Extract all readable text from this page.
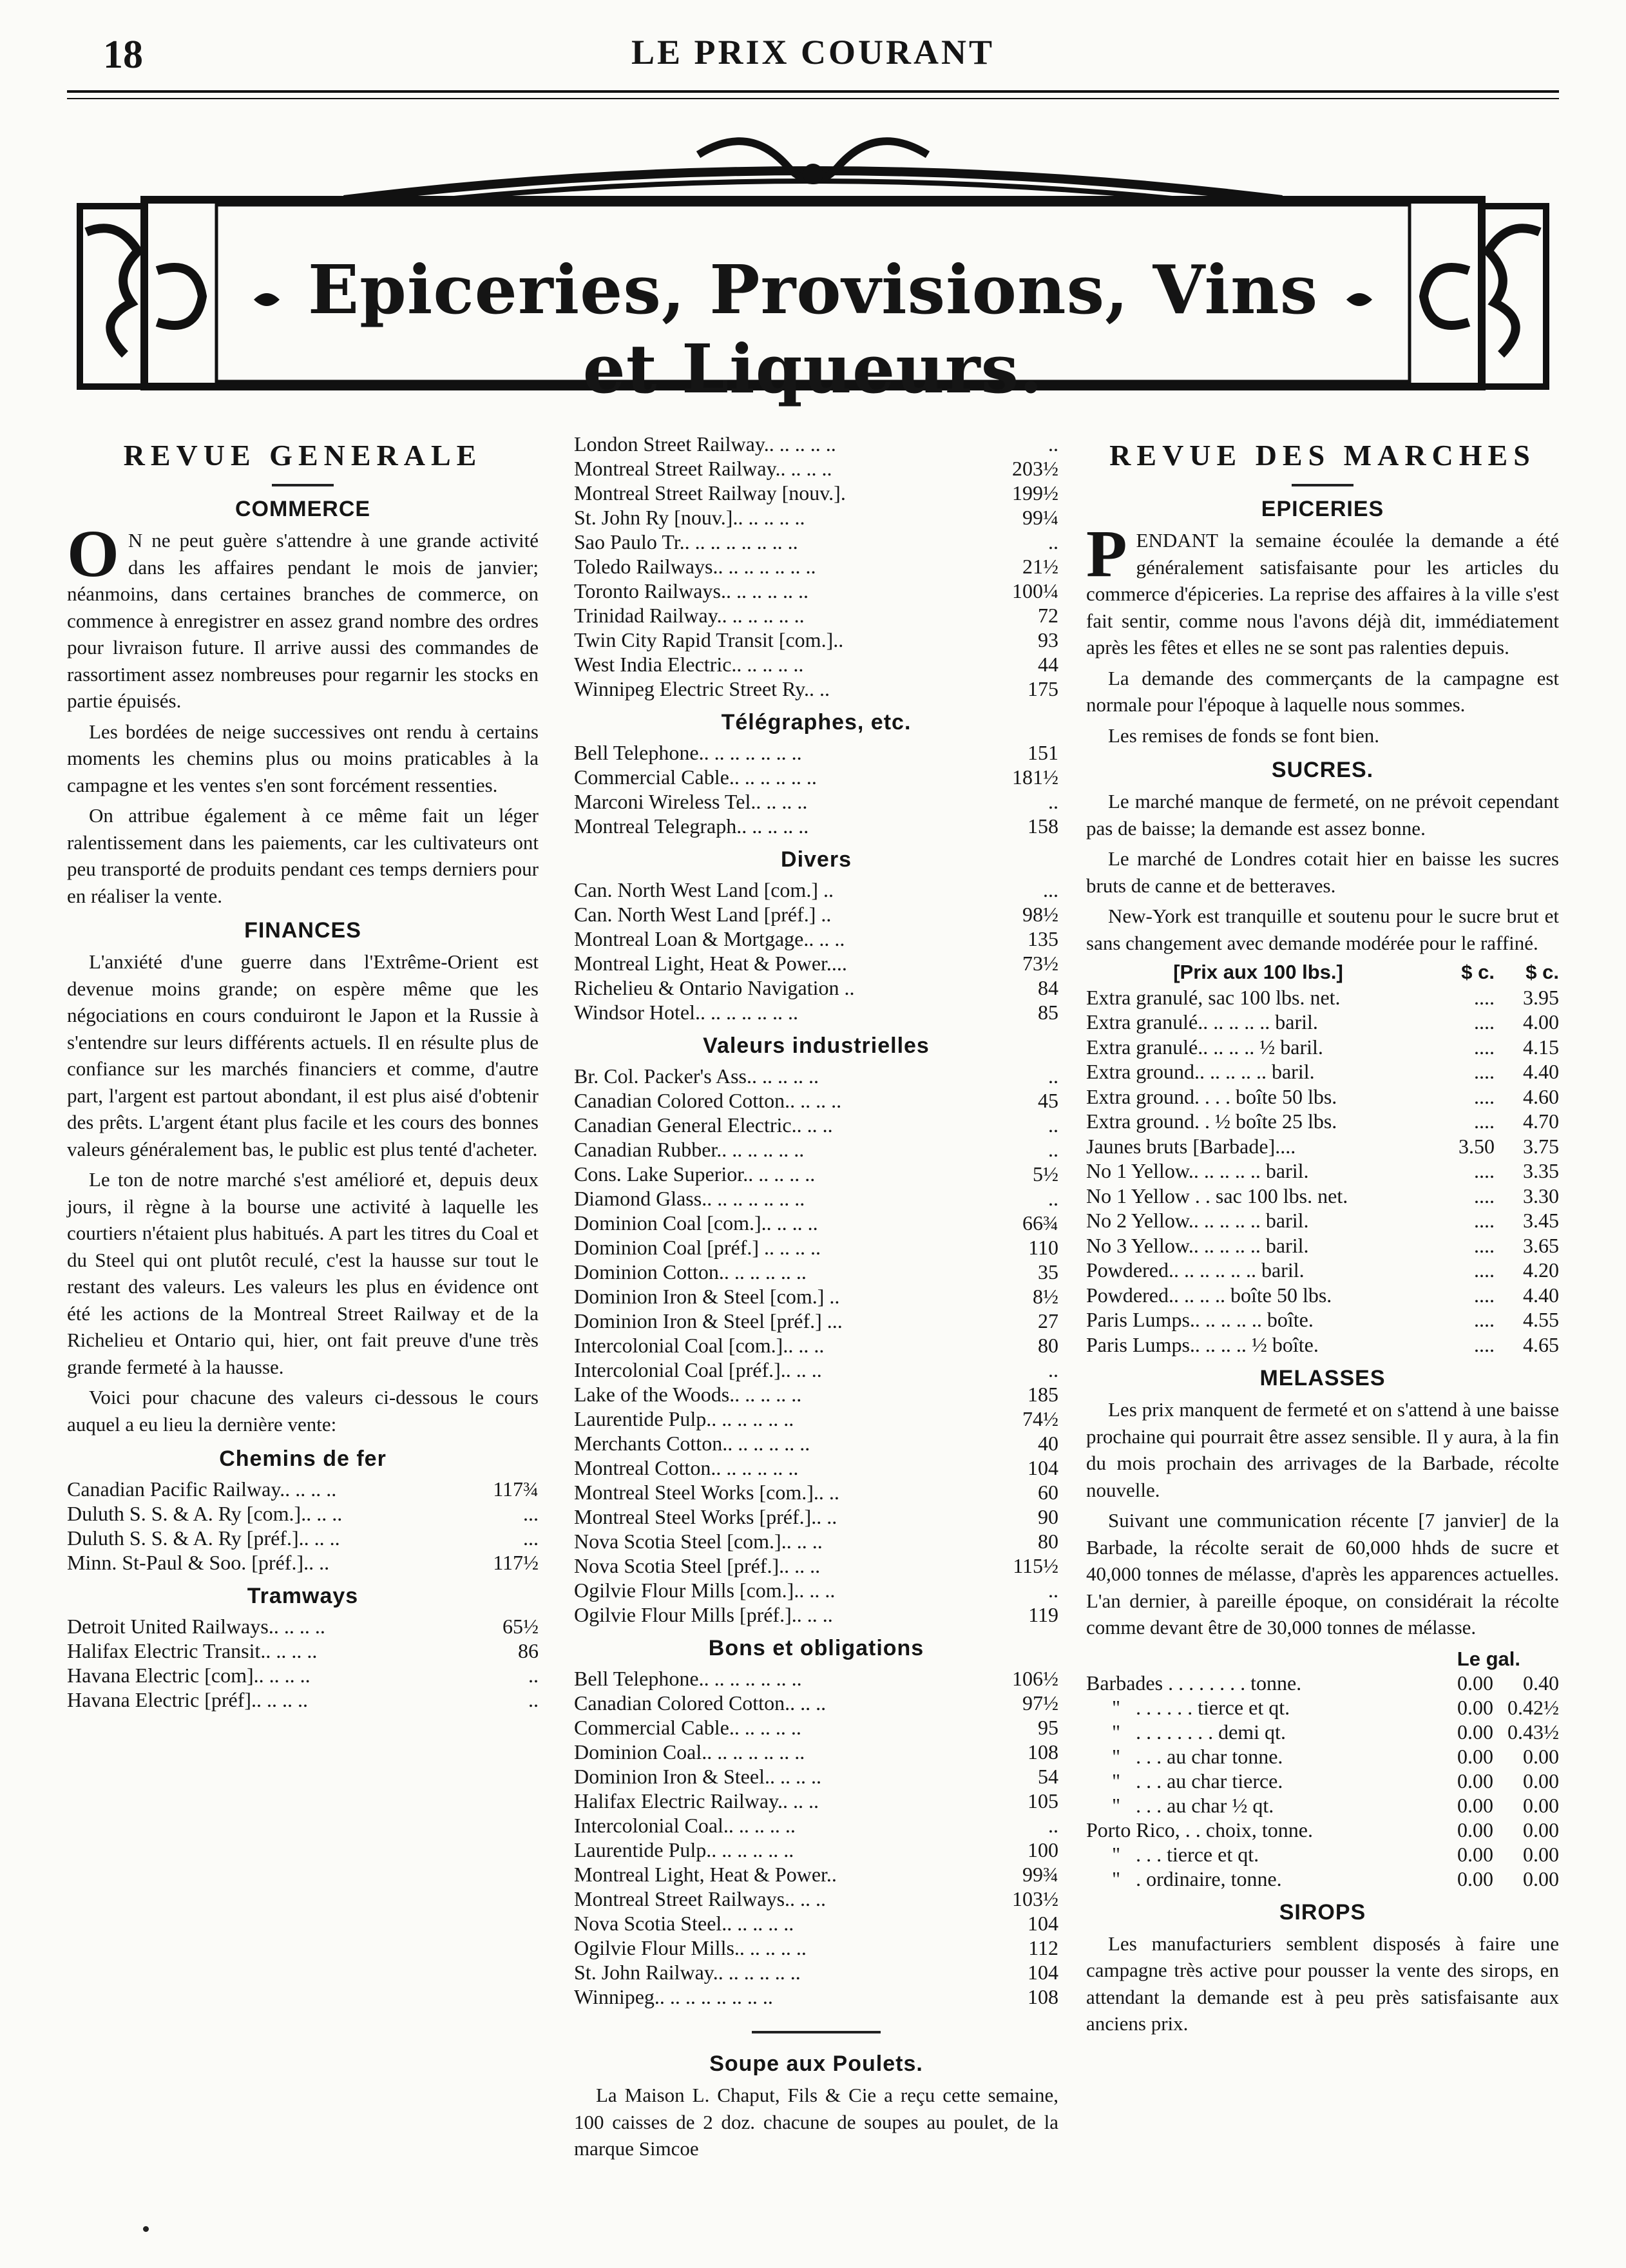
18	LE PRIX COURANT
Epiceries, Provisions, Vins et Liqueurs.
REVUE GENERALE
COMMERCE

O N ne peut guère s'attendre à une grande activité dans les affaires pendant le mois de janvier; néanmoins, dans certaines branches de commerce, on commence à enregistrer en assez grand nombre des ordres pour livraison future. Il arrive aussi des commandes de rassortiment assez nombreuses pour regarnir les stocks en partie épuisés.

Les bordées de neige successives ont rendu à certains moments les chemins plus ou moins praticables à la campagne et les ventes s'en sont forcément ressenties.

On attribue également à ce même fait un léger ralentissement dans les paiements, car les cultivateurs ont peu transporté de produits pendant ces temps derniers pour en réaliser la vente.

FINANCES

L'anxiété d'une guerre dans l'Extrême-Orient est devenue moins grande; on espère même que les négociations en cours conduiront le Japon et la Russie à s'entendre sur leurs différents actuels. Il en résulte plus de confiance sur les marchés financiers et comme, d'autre part, l'argent est partout abondant, il est plus aisé d'obtenir des prêts. L'argent étant plus facile et les cours des bonnes valeurs généralement bas, le public est plus tenté d'acheter.

Le ton de notre marché s'est amélioré et, depuis deux jours, il règne à la bourse une activité à laquelle les courtiers n'étaient plus habitués. A part les titres du Coal et du Steel qui ont plutôt reculé, c'est la hausse sur tout le restant des valeurs. Les valeurs les plus en évidence ont été les actions de la Montreal Street Railway et de la Richelieu et Ontario qui, hier, ont fait preuve d'une très grande fermeté à la hausse.

Voici pour chacune des valeurs ci-dessous le cours auquel a eu lieu la dernière vente:

Chemins de fer
Canadian Pacific Railway.. .. .. ..	117¾
Duluth S. S. & A. Ry [com.].. .. ..	...
Duluth S. S. & A. Ry [préf.].. .. ..	...
Minn. St-Paul & Soo. [préf.].. ..	117½
Tramways
Detroit United Railways.. .. .. ..	65½
Halifax Electric Transit.. .. .. ..	86
Havana Electric [com].. .. .. ..	..
Havana Electric [préf].. .. .. ..	..
London Street Railway.. .. .. .. ..	..
Montreal Street Railway.. .. .. ..	203½
Montreal Street Railway [nouv.].	199½
St. John Ry [nouv.].. .. .. .. ..	99¼
Sao Paulo Tr.. .. .. .. .. .. .. ..	..
Toledo Railways.. .. .. .. .. .. ..	21½
Toronto Railways.. .. .. .. .. ..	100¼
Trinidad Railway.. .. .. .. .. ..	72
Twin City Rapid Transit [com.]..	93
West India Electric.. .. .. .. ..	44
Winnipeg Electric Street Ry.. ..	175
Télégraphes, etc.
Bell Telephone.. .. .. .. .. .. ..	151
Commercial Cable.. .. .. .. .. ..	181½
Marconi Wireless Tel.. .. .. ..	..
Montreal Telegraph.. .. .. .. ..	158
Divers
Can. North West Land [com.] ..	...
Can. North West Land [préf.] ..	98½
Montreal Loan & Mortgage.. .. ..	135
Montreal Light, Heat & Power....	73½
Richelieu & Ontario Navigation ..	84
Windsor Hotel.. .. .. .. .. .. ..	85
Valeurs industrielles
Br. Col. Packer's Ass.. .. .. .. ..	..
Canadian Colored Cotton.. .. .. ..	45
Canadian General Electric.. .. ..	..
Canadian Rubber.. .. .. .. .. ..	..
Cons. Lake Superior.. .. .. .. ..	5½
Diamond Glass.. .. .. .. .. .. ..	..
Dominion Coal [com.].. .. .. ..	66¾
Dominion Coal [préf.] .. .. .. ..	110
Dominion Cotton.. .. .. .. .. ..	35
Dominion Iron & Steel [com.] ..	8½
Dominion Iron & Steel [préf.] ...	27
Intercolonial Coal [com.].. .. ..	80
Intercolonial Coal [préf.].. .. ..	..
Lake of the Woods.. .. .. .. ..	185
Laurentide Pulp.. .. .. .. .. ..	74½
Merchants Cotton.. .. .. .. .. ..	40
Montreal Cotton.. .. .. .. .. ..	104
Montreal Steel Works [com.].. ..	60
Montreal Steel Works [préf.].. ..	90
Nova Scotia Steel [com.].. .. ..	80
Nova Scotia Steel [préf.].. .. ..	115½
Ogilvie Flour Mills [com.].. .. ..	..
Ogilvie Flour Mills [préf.].. .. ..	119
Bons et obligations
Bell Telephone.. .. .. .. .. .. ..	106½
Canadian Colored Cotton.. .. ..	97½
Commercial Cable.. .. .. .. ..	95
Dominion Coal.. .. .. .. .. .. ..	108
Dominion Iron & Steel.. .. .. ..	54
Halifax Electric Railway.. .. ..	105
Intercolonial Coal.. .. .. .. ..	..
Laurentide Pulp.. .. .. .. .. ..	100
Montreal Light, Heat & Power..	99¾
Montreal Street Railways.. .. ..	103½
Nova Scotia Steel.. .. .. .. ..	104
Ogilvie Flour Mills.. .. .. .. ..	112
St. John Railway.. .. .. .. .. ..	104
Winnipeg.. .. .. .. .. .. .. ..	108
Soupe aux Poulets.

La Maison L. Chaput, Fils & Cie a reçu cette semaine, 100 caisses de 2 doz. chacune de soupes au poulet, de la marque Simcoe

REVUE DES MARCHES
EPICERIES

PENDANT la semaine écoulée la demande a été généralement satisfaisante pour les articles du commerce d'épiceries. La reprise des affaires à la ville s'est fait sentir, comme nous l'avons déjà dit, immédiatement après les fêtes et elles ne se sont pas ralenties depuis.

La demande des commerçants de la campagne est normale pour l'époque à laquelle nous sommes.

Les remises de fonds se font bien.

SUCRES.

Le marché manque de fermeté, on ne prévoit cependant pas de baisse; la demande est assez bonne.

Le marché de Londres cotait hier en baisse les sucres bruts de canne et de betteraves.

New-York est tranquille et soutenu pour le sucre brut et sans changement avec demande modérée pour le raffiné.

[Prix aux 100 lbs.]	$ c.	$ c.
Extra granulé, sac 100 lbs. net.	....	3.95
Extra granulé.. .. .. .. .. baril.	....	4.00
Extra granulé.. .. .. .. ½ baril.	....	4.15
Extra ground.. .. .. .. .. baril.	....	4.40
Extra ground. . . . boîte 50 lbs.	....	4.60
Extra ground. . ½ boîte 25 lbs.	....	4.70
Jaunes bruts [Barbade]....	3.50	3.75
No 1 Yellow.. .. .. .. .. baril.	....	3.35
No 1 Yellow . . sac 100 lbs. net.	....	3.30
No 2 Yellow.. .. .. .. .. baril.	....	3.45
No 3 Yellow.. .. .. .. .. baril.	....	3.65
Powdered.. .. .. .. .. .. baril.	....	4.20
Powdered.. .. .. .. boîte 50 lbs.	....	4.40
Paris Lumps.. .. .. .. .. boîte.	....	4.55
Paris Lumps.. .. .. .. ½ boîte.	....	4.65
MELASSES

Les prix manquent de fermeté et on s'attend à une baisse prochaine qui pourrait être assez sensible. Il y aura, à la fin du mois prochain des arrivages de la Barbade, récolte nouvelle.

Suivant une communication récente [7 janvier] de la Barbade, la récolte serait de 60,000 hhds de sucre et 40,000 tonnes de mélasse, d'après les apparences actuelles. L'an dernier, à pareille époque, on considérait la récolte comme devant être de 30,000 tonnes de mélasse.

Le gal.
Barbades . . . . . . . . tonne.	0.00	0.40
"   . . . . . . tierce et qt.	0.00 0.42½
"   . . . . . . . . demi qt.	0.00 0.43½
"   . . . au char tonne.	0.00	0.00
"   . . . au char tierce.	0.00	0.00
"   . . . au char ½ qt.	0.00	0.00
Porto Rico, . . choix, tonne.	0.00	0.00
"   . . . tierce et qt.	0.00	0.00
"   . ordinaire, tonne.	0.00	0.00
SIROPS

Les manufacturiers semblent disposés à faire une campagne très active pour pousser la vente des sirops, en attendant la demande est à peu près satisfaisante aux anciens prix.
